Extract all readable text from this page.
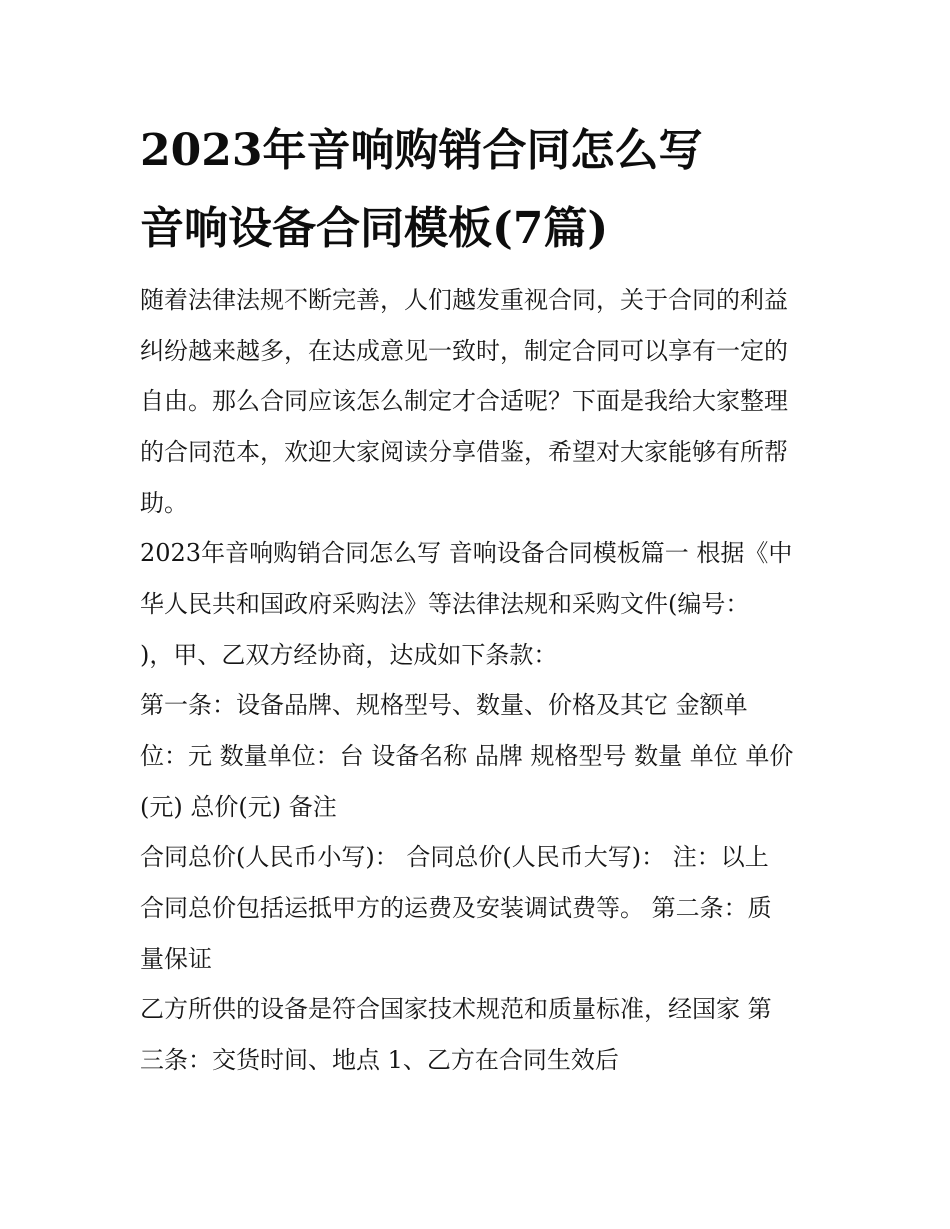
2023年音响购销合同怎么写
音响设备合同模板(7篇)
随着法律法规不断完善，人们越发重视合同，关于合同的利益
纠纷越来越多，在达成意见一致时，制定合同可以享有一定的
自由。那么合同应该怎么制定才合适呢？下面是我给大家整理
的合同范本，欢迎大家阅读分享借鉴，希望对大家能够有所帮
助。
2023年音响购销合同怎么写 音响设备合同模板篇一 根据《中
华人民共和国政府采购法》等法律法规和采购文件(编号：
)，甲、乙双方经协商，达成如下条款：
第一条：设备品牌、规格型号、数量、价格及其它 金额单
位：元 数量单位：台 设备名称 品牌 规格型号 数量 单位 单价
(元) 总价(元) 备注
合同总价(人民币小写)： 合同总价(人民币大写)： 注：以上
合同总价包括运抵甲方的运费及安装调试费等。 第二条：质
量保证
乙方所供的设备是符合国家技术规范和质量标准，经国家 第
三条：交货时间、地点 1、乙方在合同生效后
